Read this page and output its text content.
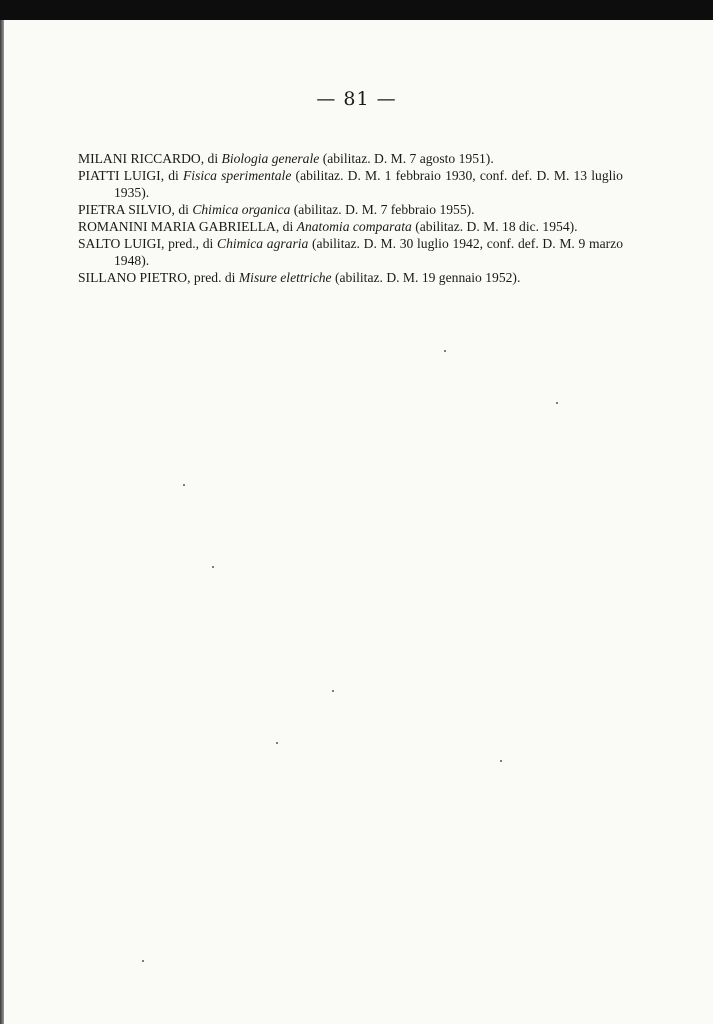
— 81 —
MILANI RICCARDO, di Biologia generale (abilitaz. D. M. 7 agosto 1951).
PIATTI LUIGI, di Fisica sperimentale (abilitaz. D. M. 1 febbraio 1930, conf. def. D. M. 13 luglio 1935).
PIETRA SILVIO, di Chimica organica (abilitaz. D. M. 7 febbraio 1955).
ROMANINI MARIA GABRIELLA, di Anatomia comparata (abilitaz. D. M. 18 dic. 1954).
SALTO LUIGI, pred., di Chimica agraria (abilitaz. D. M. 30 luglio 1942, conf. def. D. M. 9 marzo 1948).
SILLANO PIETRO, pred. di Misure elettriche (abilitaz. D. M. 19 gennaio 1952).
